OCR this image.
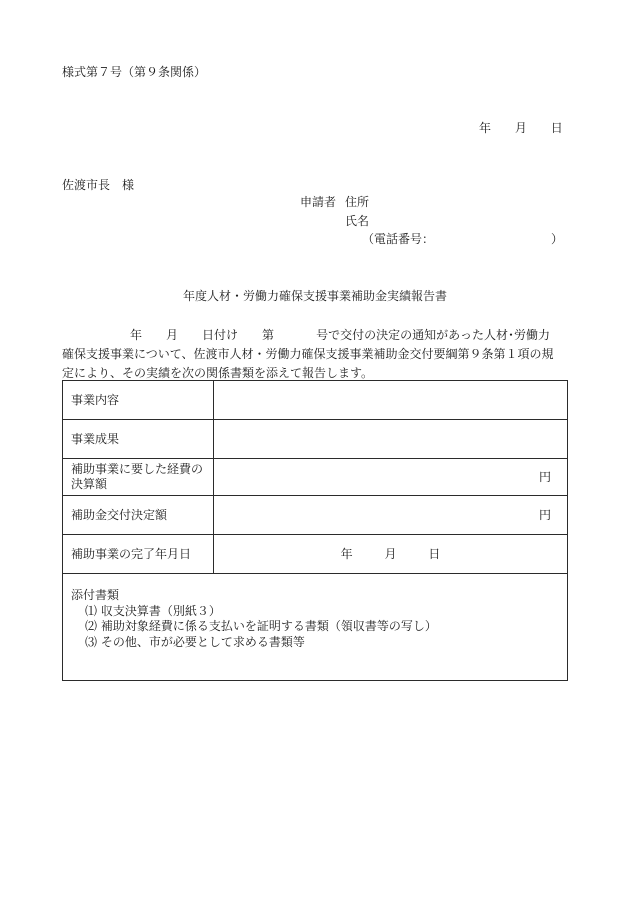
様式第７号（第９条関係）
年 月 日
佐渡市長　様
申請者 住所
氏名
（電話番号：	）
年度人材・労働力確保支援事業補助金実績報告書
年 月 日付け 第	号で交付の決定の通知があった人材･労働力
確保支援事業について、佐渡市人材・労働力確保支援事業補助金交付要綱第９条第１項の規
定により、その実績を次の関係書類を添えて報告します。
事業内容	
事業成果	
補助事業に要した経費の
決算額	円
補助金交付決定額	円
補助事業の完了年月日	年 月 日

添付書類
⑴ 収支決算書（別紙３）
⑵ 補助対象経費に係る支払いを証明する書類（領収書等の写し）
⑶ その他、市が必要として求める書類等	
